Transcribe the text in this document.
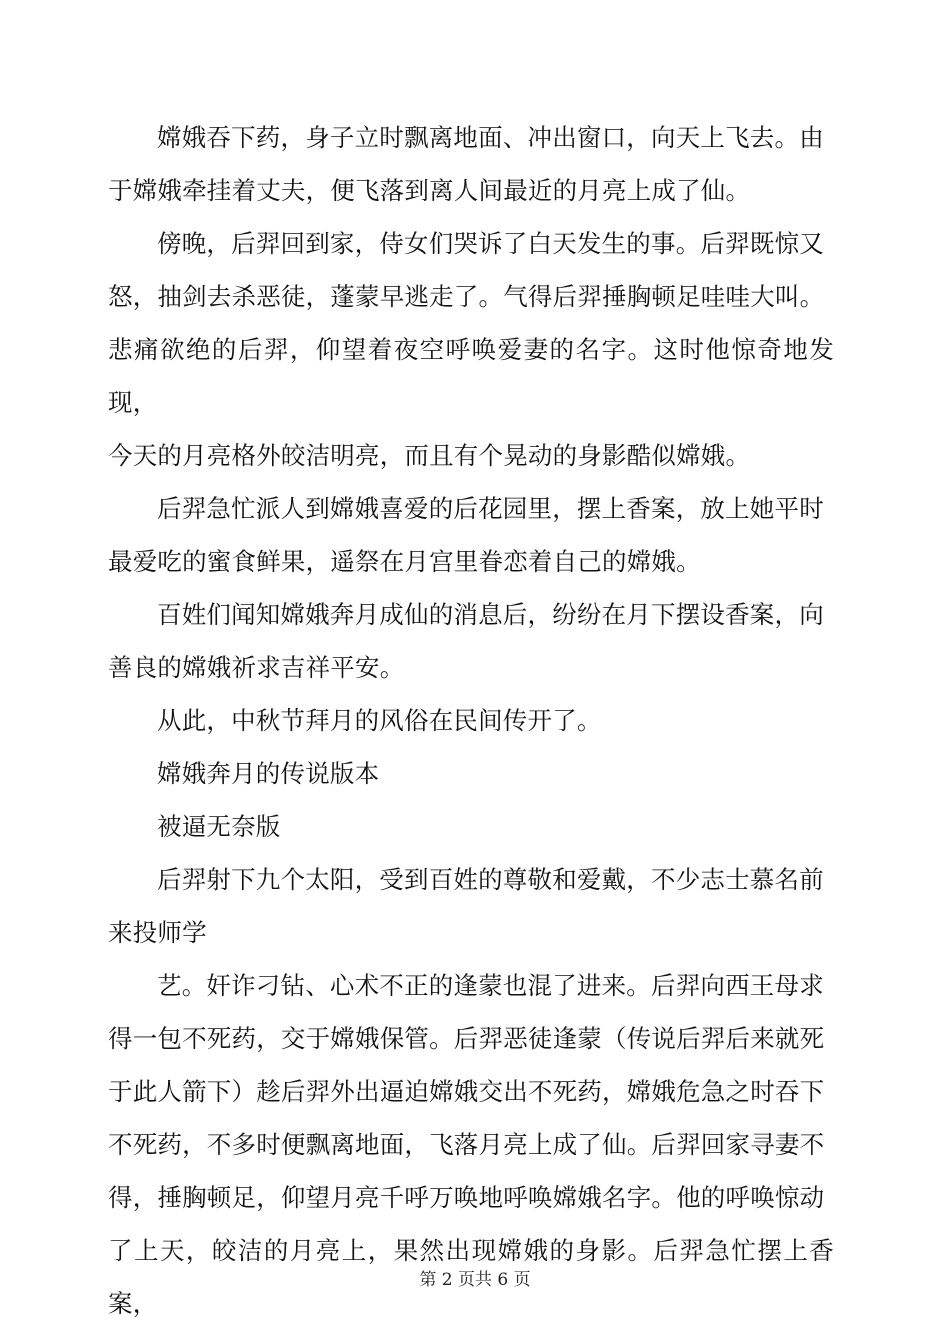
嫦娥吞下药，身子立时飘离地面、冲出窗口，向天上飞去。由
于嫦娥牵挂着丈夫，便飞落到离人间最近的月亮上成了仙。

傍晚，后羿回到家，侍女们哭诉了白天发生的事。后羿既惊又
怒，抽剑去杀恶徒，蓬蒙早逃走了。气得后羿捶胸顿足哇哇大叫。
悲痛欲绝的后羿，仰望着夜空呼唤爱妻的名字。这时他惊奇地发现，
今天的月亮格外皎洁明亮，而且有个晃动的身影酷似嫦娥。

后羿急忙派人到嫦娥喜爱的后花园里，摆上香案，放上她平时
最爱吃的蜜食鲜果，遥祭在月宫里眷恋着自己的嫦娥。

百姓们闻知嫦娥奔月成仙的消息后，纷纷在月下摆设香案，向
善良的嫦娥祈求吉祥平安。

从此，中秋节拜月的风俗在民间传开了。

嫦娥奔月的传说版本

被逼无奈版

后羿射下九个太阳，受到百姓的尊敬和爱戴，不少志士慕名前
来投师学

艺。奸诈刁钻、心术不正的逢蒙也混了进来。后羿向西王母求
得一包不死药，交于嫦娥保管。后羿恶徒逢蒙（传说后羿后来就死
于此人箭下）趁后羿外出逼迫嫦娥交出不死药，嫦娥危急之时吞下
不死药，不多时便飘离地面，飞落月亮上成了仙。后羿回家寻妻不
得，捶胸顿足，仰望月亮千呼万唤地呼唤嫦娥名字。他的呼唤惊动
了上天，皎洁的月亮上，果然出现嫦娥的身影。后羿急忙摆上香案，

第 2 页共 6 页
